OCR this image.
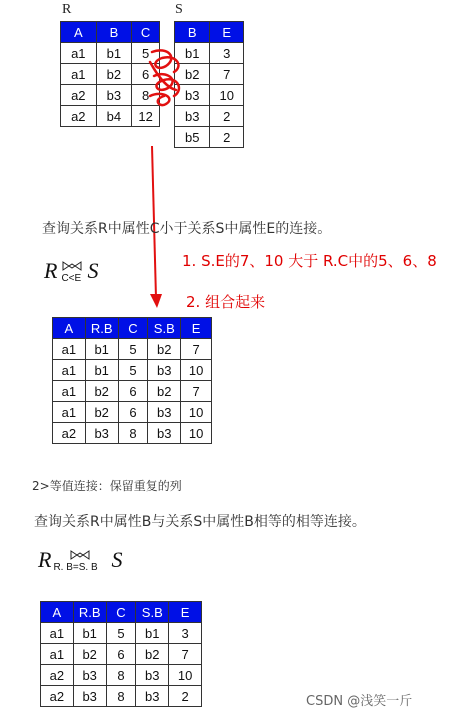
R
A	B	C
a1	b1	5
a1	b2	6
a2	b3	8
a2	b4	12
S
B	E
b1	3
b2	7
b3	10
b3	2
b5	2
查询关系R中属性C小于关系S中属性E的连接。
R C<E S	1. S.E的7、10 大于 R.C中的5、6、8
2. 组合起来
A	R.B	C	S.B	E
a1	b1	5	b2	7
a1	b1	5	b3	10
a1	b2	6	b2	7
a1	b2	6	b3	10
a2	b3	8	b3	10
2>等值连接：保留重复的列
查询关系R中属性B与关系S中属性B相等的相等连接。
R R. B=S. B S
A	R.B	C	S.B	E
a1	b1	5	b1	3
a1	b2	6	b2	7
a2	b3	8	b3	10
a2	b3	8	b3	2	CSDN @浅笑一斤
